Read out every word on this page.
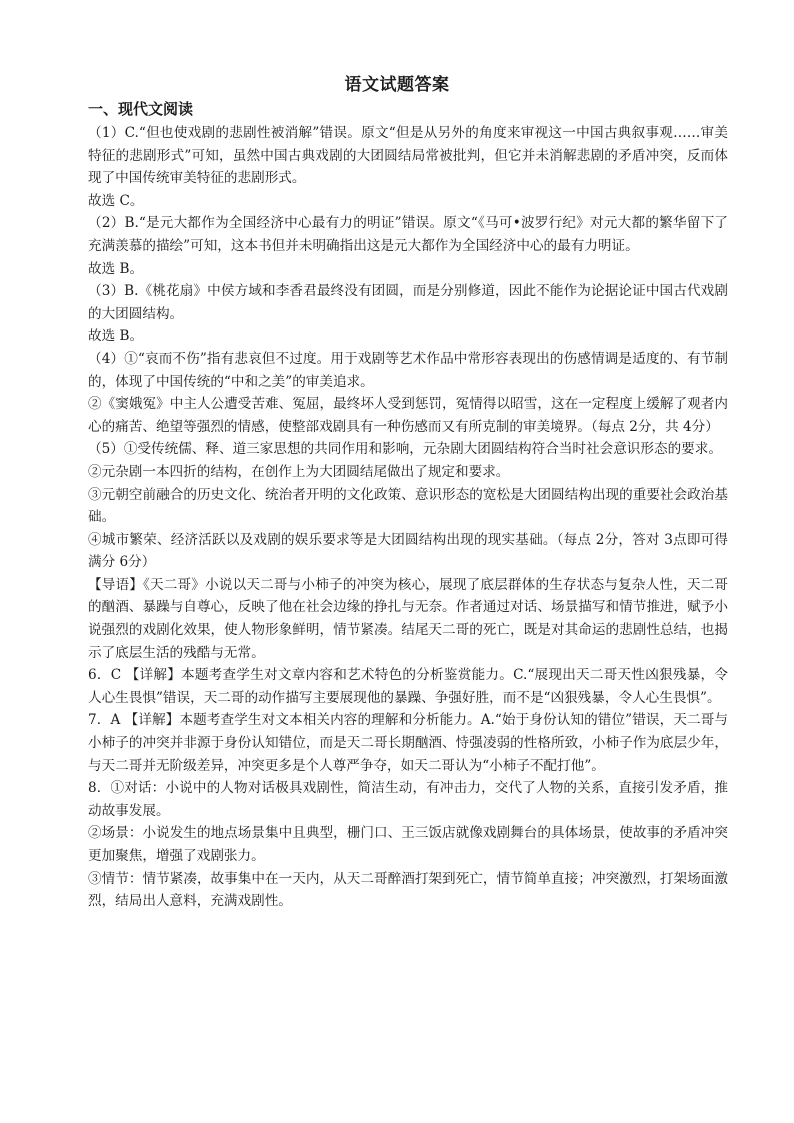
语文试题答案
一、现代文阅读

（1）C.“但也使戏剧的悲剧性被消解”错误。原文“但是从另外的角度来审视这一中国古典叙事观……审美特征的悲剧形式”可知，虽然中国古典戏剧的大团圆结局常被批判，但它并未消解悲剧的矛盾冲突，反而体现了中国传统审美特征的悲剧形式。

故选 C。

（2）B.“是元大都作为全国经济中心最有力的明证”错误。原文“《马可•波罗行纪》对元大都的繁华留下了充满羡慕的描绘”可知，这本书但并未明确指出这是元大都作为全国经济中心的最有力明证。

故选 B。

（3）B.《桃花扇》中侯方域和李香君最终没有团圆，而是分别修道，因此不能作为论据论证中国古代戏剧的大团圆结构。

故选 B。

（4）①“哀而不伤”指有悲哀但不过度。用于戏剧等艺术作品中常形容表现出的伤感情调是适度的、有节制的，体现了中国传统的“中和之美”的审美追求。

②《窦娥冤》中主人公遭受苦难、冤屈，最终坏人受到惩罚，冤情得以昭雪，这在一定程度上缓解了观者内心的痛苦、绝望等强烈的情感，使整部戏剧具有一种伤感而又有所克制的审美境界。（每点 2分，共 4分）

（5）①受传统儒、释、道三家思想的共同作用和影响，元杂剧大团圆结构符合当时社会意识形态的要求。

②元杂剧一本四折的结构，在创作上为大团圆结尾做出了规定和要求。

③元朝空前融合的历史文化、统治者开明的文化政策、意识形态的宽松是大团圆结构出现的重要社会政治基础。

④城市繁荣、经济活跃以及戏剧的娱乐要求等是大团圆结构出现的现实基础。（每点 2分，答对 3点即可得满分 6分）

【导语】《天二哥》小说以天二哥与小柿子的冲突为核心，展现了底层群体的生存状态与复杂人性，天二哥的酗酒、暴躁与自尊心，反映了他在社会边缘的挣扎与无奈。作者通过对话、场景描写和情节推进，赋予小说强烈的戏剧化效果，使人物形象鲜明，情节紧凑。结尾天二哥的死亡，既是对其命运的悲剧性总结，也揭示了底层生活的残酷与无常。

6．C 【详解】本题考查学生对文章内容和艺术特色的分析鉴赏能力。C.“展现出天二哥天性凶狠残暴，令人心生畏惧”错误，天二哥的动作描写主要展现他的暴躁、争强好胜，而不是“凶狠残暴，令人心生畏惧”。

7．A 【详解】本题考查学生对文本相关内容的理解和分析能力。A.“始于身份认知的错位”错误，天二哥与小柿子的冲突并非源于身份认知错位，而是天二哥长期酗酒、恃强凌弱的性格所致，小柿子作为底层少年，与天二哥并无阶级差异，冲突更多是个人尊严争夺，如天二哥认为“小柿子不配打他”。

8．①对话：小说中的人物对话极具戏剧性，简洁生动，有冲击力，交代了人物的关系，直接引发矛盾，推动故事发展。

②场景：小说发生的地点场景集中且典型，栅门口、王三饭店就像戏剧舞台的具体场景，使故事的矛盾冲突更加聚焦，增强了戏剧张力。

③情节：情节紧凑，故事集中在一天内，从天二哥醉酒打架到死亡，情节简单直接；冲突激烈，打架场面激烈，结局出人意料，充满戏剧性。
